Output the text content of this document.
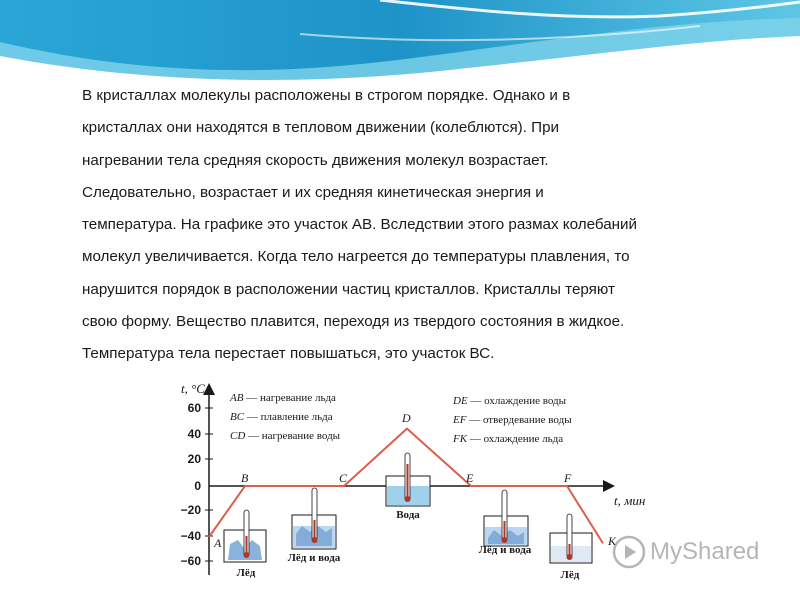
В кристаллах молекулы расположены в строгом порядке. Однако и в
кристаллах они находятся в тепловом движении (колеблются). При
нагревании тела средняя скорость движения молекул возрастает.
Следовательно, возрастает и их средняя кинетическая энергия и
температура. На графике это участок АВ. Вследствии этого размах колебаний
молекул увеличивается. Когда тело нагреется до температуры плавления, то
нарушится порядок в расположении частиц кристаллов. Кристаллы теряют
свою форму. Вещество плавится, переходя из твердого состояния в жидкое.
Температура тела перестает повышаться, это участок ВС.
t, °C
60
40
20
0
−20
−40
−60
t, мин
A
B	C
D
E	F
K
AB — нагревание льда
BC — плавление льда
CD — нагревание воды
DE — охлаждение воды
EF — отвердевание воды
FK — охлаждение льда
Лёд
Лёд и вода
Вода
Лёд и вода
Лёд
MyShared
